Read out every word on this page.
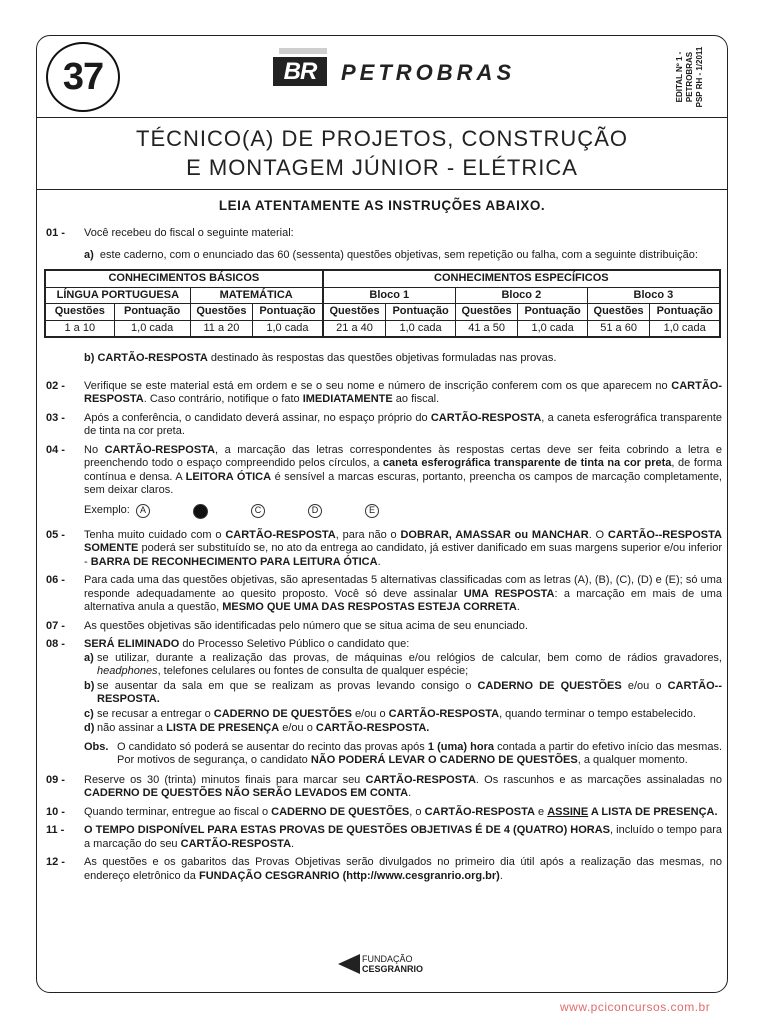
37	BR	PETROBRAS	EDITAL Nº 1 - PETROBRAS PSP RH - 1/2011
TÉCNICO(A) DE PROJETOS, CONSTRUÇÃO
E MONTAGEM JÚNIOR - ELÉTRICA
LEIA ATENTAMENTE AS INSTRUÇÕES ABAIXO.
01 -	Você recebeu do fiscal o seguinte material:
a) este caderno, com o enunciado das 60 (sessenta) questões objetivas, sem repetição ou falha, com a seguinte distribuição:
CONHECIMENTOS BÁSICOS				CONHECIMENTOS ESPECÍFICOS					
LÍNGUA PORTUGUESA		MATEMÁTICA		Bloco 1		Bloco 2		Bloco 3	
Questões	Pontuação	Questões	Pontuação	Questões	Pontuação	Questões	Pontuação	Questões	Pontuação
1 a 10	1,0 cada	11 a 20	1,0 cada	21 a 40	1,0 cada	41 a 50	1,0 cada	51 a 60	1,0 cada
b) CARTÃO-RESPOSTA destinado às respostas das questões objetivas formuladas nas provas.
02 -	Verifique se este material está em ordem e se o seu nome e número de inscrição conferem com os que aparecem no CARTÃO-RESPOSTA. Caso contrário, notifique o fato IMEDIATAMENTE ao fiscal.
03 -	Após a conferência, o candidato deverá assinar, no espaço próprio do CARTÃO-RESPOSTA, a caneta esferográfica transparente de tinta na cor preta.
04 -	No CARTÃO-RESPOSTA, a marcação das letras correspondentes às respostas certas deve ser feita cobrindo a letra e preenchendo todo o espaço compreendido pelos círculos, a caneta esferográfica transparente de tinta na cor preta, de forma contínua e densa. A LEITORA ÓTICA é sensível a marcas escuras, portanto, preencha os campos de marcação completamente, sem deixar claros.
Exemplo:	A	C	D	E
05 -	Tenha muito cuidado com o CARTÃO-RESPOSTA, para não o DOBRAR, AMASSAR ou MANCHAR. O CARTÃO--RESPOSTA SOMENTE poderá ser substituído se, no ato da entrega ao candidato, já estiver danificado em suas margens superior e/ou inferior - BARRA DE RECONHECIMENTO PARA LEITURA ÓTICA.
06 -	Para cada uma das questões objetivas, são apresentadas 5 alternativas classificadas com as letras (A), (B), (C), (D) e (E); só uma responde adequadamente ao quesito proposto. Você só deve assinalar UMA RESPOSTA: a marcação em mais de uma alternativa anula a questão, MESMO QUE UMA DAS RESPOSTAS ESTEJA CORRETA.
07 -	As questões objetivas são identificadas pelo número que se situa acima de seu enunciado.
08 -	SERÁ ELIMINADO do Processo Seletivo Público o candidato que:
a) se utilizar, durante a realização das provas, de máquinas e/ou relógios de calcular, bem como de rádios gravadores, headphones, telefones celulares ou fontes de consulta de qualquer espécie;
b) se ausentar da sala em que se realizam as provas levando consigo o CADERNO DE QUESTÕES e/ou o CARTÃO--RESPOSTA.
c) se recusar a entregar o CADERNO DE QUESTÕES e/ou o CARTÃO-RESPOSTA, quando terminar o tempo estabelecido.
d) não assinar a LISTA DE PRESENÇA e/ou o CARTÃO-RESPOSTA.
Obs. O candidato só poderá se ausentar do recinto das provas após 1 (uma) hora contada a partir do efetivo início das mesmas. Por motivos de segurança, o candidato NÃO PODERÁ LEVAR O CADERNO DE QUESTÕES, a qualquer momento.
09 -	Reserve os 30 (trinta) minutos finais para marcar seu CARTÃO-RESPOSTA. Os rascunhos e as marcações assinaladas no CADERNO DE QUESTÕES NÃO SERÃO LEVADOS EM CONTA.
10 -	Quando terminar, entregue ao fiscal o CADERNO DE QUESTÕES, o CARTÃO-RESPOSTA e ASSINE A LISTA DE PRESENÇA.
11 -	O TEMPO DISPONÍVEL PARA ESTAS PROVAS DE QUESTÕES OBJETIVAS É DE 4 (QUATRO) HORAS, incluído o tempo para a marcação do seu CARTÃO-RESPOSTA.
12 -	As questões e os gabaritos das Provas Objetivas serão divulgados no primeiro dia útil após a realização das mesmas, no endereço eletrônico da FUNDAÇÃO CESGRANRIO (http://www.cesgranrio.org.br).
FUNDAÇÃO
CESGRANRIO
www.pciconcursos.com.br
